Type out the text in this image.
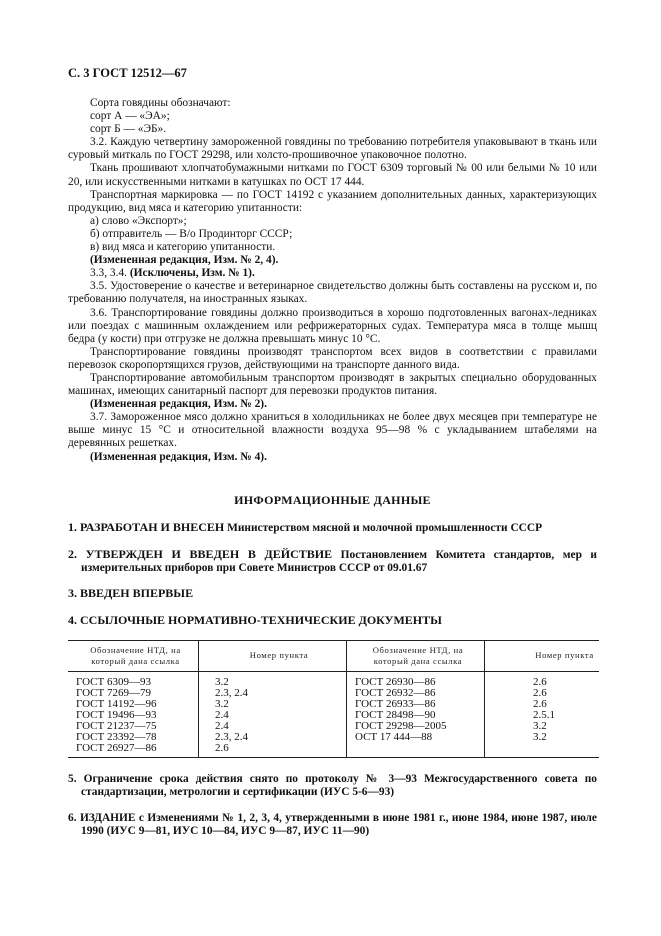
С. 3 ГОСТ 12512—67

Сорта говядины обозначают:

сорт А — «ЭА»;

сорт Б — «ЭБ».

3.2. Каждую четвертину замороженной говядины по требованию потребителя упаковывают в ткань или суровый миткаль по ГОСТ 29298, или холсто-прошивочное упаковочное полотно.

Ткань прошивают хлопчатобумажными нитками по ГОСТ 6309 торговый № 00 или белыми № 10 или 20, или искусственными нитками в катушках по ОСТ 17 444.

Транспортная маркировка — по ГОСТ 14192 с указанием дополнительных данных, характеризующих продукцию, вид мяса и категорию упитанности:

а) слово «Экспорт»;

б) отправитель — В/о Продинторг СССР;

в) вид мяса и категорию упитанности.

(Измененная редакция, Изм. № 2, 4).

3.3, 3.4. (Исключены, Изм. № 1).

3.5. Удостоверение о качестве и ветеринарное свидетельство должны быть составлены на русском и, по требованию получателя, на иностранных языках.

3.6. Транспортирование говядины должно производиться в хорошо подготовленных вагонах-ледниках или поездах с машинным охлаждением или рефрижераторных судах. Температура мяса в толще мышц бедра (у кости) при отгрузке не должна превышать минус 10 °С.

Транспортирование говядины производят транспортом всех видов в соответствии с правилами перевозок скоропортящихся грузов, действующими на транспорте данного вида.

Транспортирование автомобильным транспортом производят в закрытых специально оборудованных машинах, имеющих санитарный паспорт для перевозки продуктов питания.

(Измененная редакция, Изм. № 2).

3.7. Замороженное мясо должно храниться в холодильниках не более двух месяцев при температуре не выше минус 15 °С и относительной влажности воздуха 95—98 % с укладыванием штабелями на деревянных решетках.

(Измененная редакция, Изм. № 4).

ИНФОРМАЦИОННЫЕ ДАННЫЕ

1. РАЗРАБОТАН И ВНЕСЕН Министерством мясной и молочной промышленности СССР

2. УТВЕРЖДЕН И ВВЕДЕН В ДЕЙСТВИЕ Постановлением Комитета стандартов, мер и измерительных приборов при Совете Министров СССР от 09.01.67

3. ВВЕДЕН ВПЕРВЫЕ

4. ССЫЛОЧНЫЕ НОРМАТИВНО-ТЕХНИЧЕСКИЕ ДОКУМЕНТЫ

Обозначение НТД, на который дана ссылка	Номер пункта	Обозначение НТД, на который дана ссылка	Номер пункта
ГОСТ 6309—93	3.2	ГОСТ 26930—86	2.6
ГОСТ 7269—79	2.3, 2.4	ГОСТ 26932—86	2.6
ГОСТ 14192—96	3.2	ГОСТ 26933—86	2.6
ГОСТ 19496—93	2.4	ГОСТ 28498—90	2.5.1
ГОСТ 21237—75	2.4	ГОСТ 29298—2005	3.2
ГОСТ 23392—78	2.3, 2.4	ОСТ 17 444—88	3.2
ГОСТ 26927—86	2.6		

5. Ограничение срока действия снято по протоколу № 3—93 Межгосударственного совета по стандартизации, метрологии и сертификации (ИУС 5-6—93)

6. ИЗДАНИЕ с Изменениями № 1, 2, 3, 4, утвержденными в июне 1981 г., июне 1984, июне 1987, июле 1990 (ИУС 9—81, ИУС 10—84, ИУС 9—87, ИУС 11—90)
